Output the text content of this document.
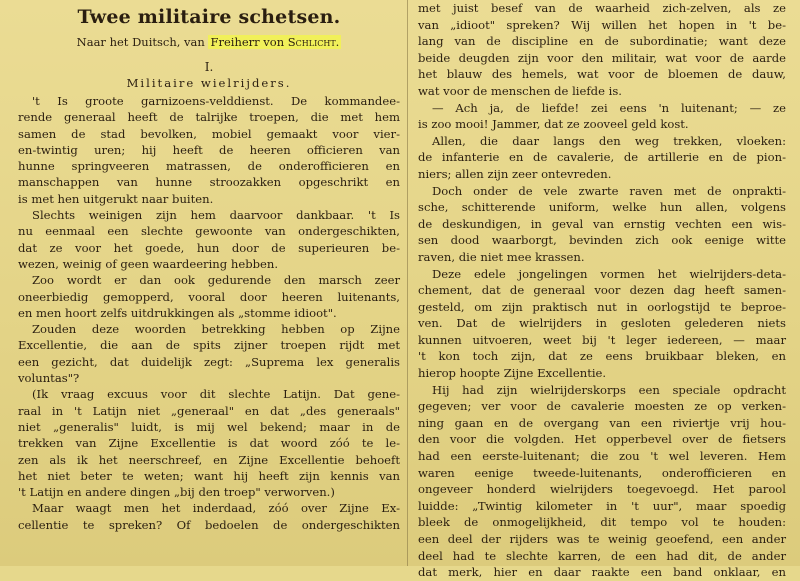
Twee militaire schetsen.
Naar het Duitsch, van Freiherr von Schlicht.
I.
Militaire wielrijders.
't Is groote garnizoens-velddienst. De kommandee-
rende generaal heeft de talrijke troepen, die met hem
samen de stad bevolken, mobiel gemaakt voor vier-
en-twintig uren; hij heeft de heeren officieren van
hunne springveeren matrassen, de onderofficieren en
manschappen van hunne stroozakken opgeschrikt en
is met hen uitgerukt naar buiten.
Slechts weinigen zijn hem daarvoor dankbaar. 't Is
nu eenmaal een slechte gewoonte van ondergeschikten,
dat ze voor het goede, hun door de superieuren be-
wezen, weinig of geen waardeering hebben.
Zoo wordt er dan ook gedurende den marsch zeer
oneerbiedig gemopperd, vooral door heeren luitenants,
en men hoort zelfs uitdrukkingen als „stomme idioot".
Zouden deze woorden betrekking hebben op Zijne
Excellentie, die aan de spits zijner troepen rijdt met
een gezicht, dat duidelijk zegt: „Suprema lex generalis
voluntas"?
(Ik vraag excuus voor dit slechte Latijn. Dat gene-
raal in 't Latijn niet „generaal" en dat „des generaals"
niet „generalis" luidt, is mij wel bekend; maar in de
trekken van Zijne Excellentie is dat woord zóó te le-
zen als ik het neerschreef, en Zijne Excellentie behoeft
het niet beter te weten; want hij heeft zijn kennis van
't Latijn en andere dingen „bij den troep" verworven.)
Maar waagt men het inderdaad, zóó over Zijne Ex-
cellentie te spreken? Of bedoelen de ondergeschikten
met juist besef van de waarheid zich-zelven, als ze
van „idioot" spreken? Wij willen het hopen in 't be-
lang van de discipline en de subordinatie; want deze
beide deugden zijn voor den militair, wat voor de aarde
het blauw des hemels, wat voor de bloemen de dauw,
wat voor de menschen de liefde is.
— Ach ja, de liefde! zei eens 'n luitenant; — ze
is zoo mooi! Jammer, dat ze zooveel geld kost.
Allen, die daar langs den weg trekken, vloeken:
de infanterie en de cavalerie, de artillerie en de pion-
niers; allen zijn zeer ontevreden.
Doch onder de vele zwarte raven met de onprakti-
sche, schitterende uniform, welke hun allen, volgens
de deskundigen, in geval van ernstig vechten een wis-
sen dood waarborgt, bevinden zich ook eenige witte
raven, die niet mee krassen.
Deze edele jongelingen vormen het wielrijders-deta-
chement, dat de generaal voor dezen dag heeft samen-
gesteld, om zijn praktisch nut in oorlogstijd te beproe-
ven. Dat de wielrijders in gesloten gelederen niets
kunnen uitvoeren, weet bij 't leger iedereen, — maar
't kon toch zijn, dat ze eens bruikbaar bleken, en
hierop hoopte Zijne Excellentie.
Hij had zijn wielrijderskorps een speciale opdracht
gegeven; ver voor de cavalerie moesten ze op verken-
ning gaan en de overgang van een riviertje vrij hou-
den voor die volgden. Het opperbevel over de fietsers
had een eerste-luitenant; die zou 't wel leveren. Hem
waren eenige tweede-luitenants, onderofficieren en
ongeveer honderd wielrijders toegevoegd. Het parool
luidde: „Twintig kilometer in 't uur", maar spoedig
bleek de onmogelijkheid, dit tempo vol te houden:
een deel der rijders was te weinig geoefend, een ander
deel had te slechte karren, de een had dit, de ander
dat merk, hier en daar raakte een band onklaar, en
